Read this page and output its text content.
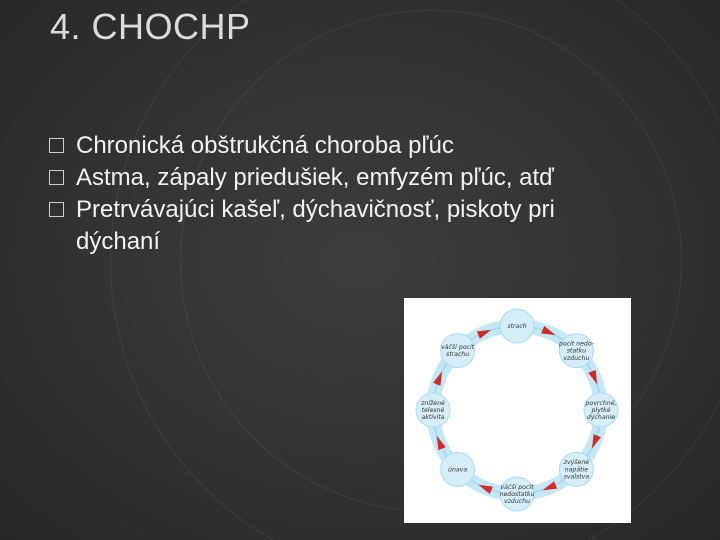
4. CHOCHP
Chronická obštrukčná choroba pľúc
Astma, zápaly priedušiek, emfyzém pľúc, atď
Pretrvávajúci kašeľ, dýchavičnosť, piskoty pri dýchaní
strach
pocit nedo-
statku
vzduchu
povrchné,
plytké
dýchanie
zvýšené
napätie
svalstva
väčší pocit
nedostatku
vzduchu
únava
znížené
telesné
aktivita
väčší pocit
strachu
